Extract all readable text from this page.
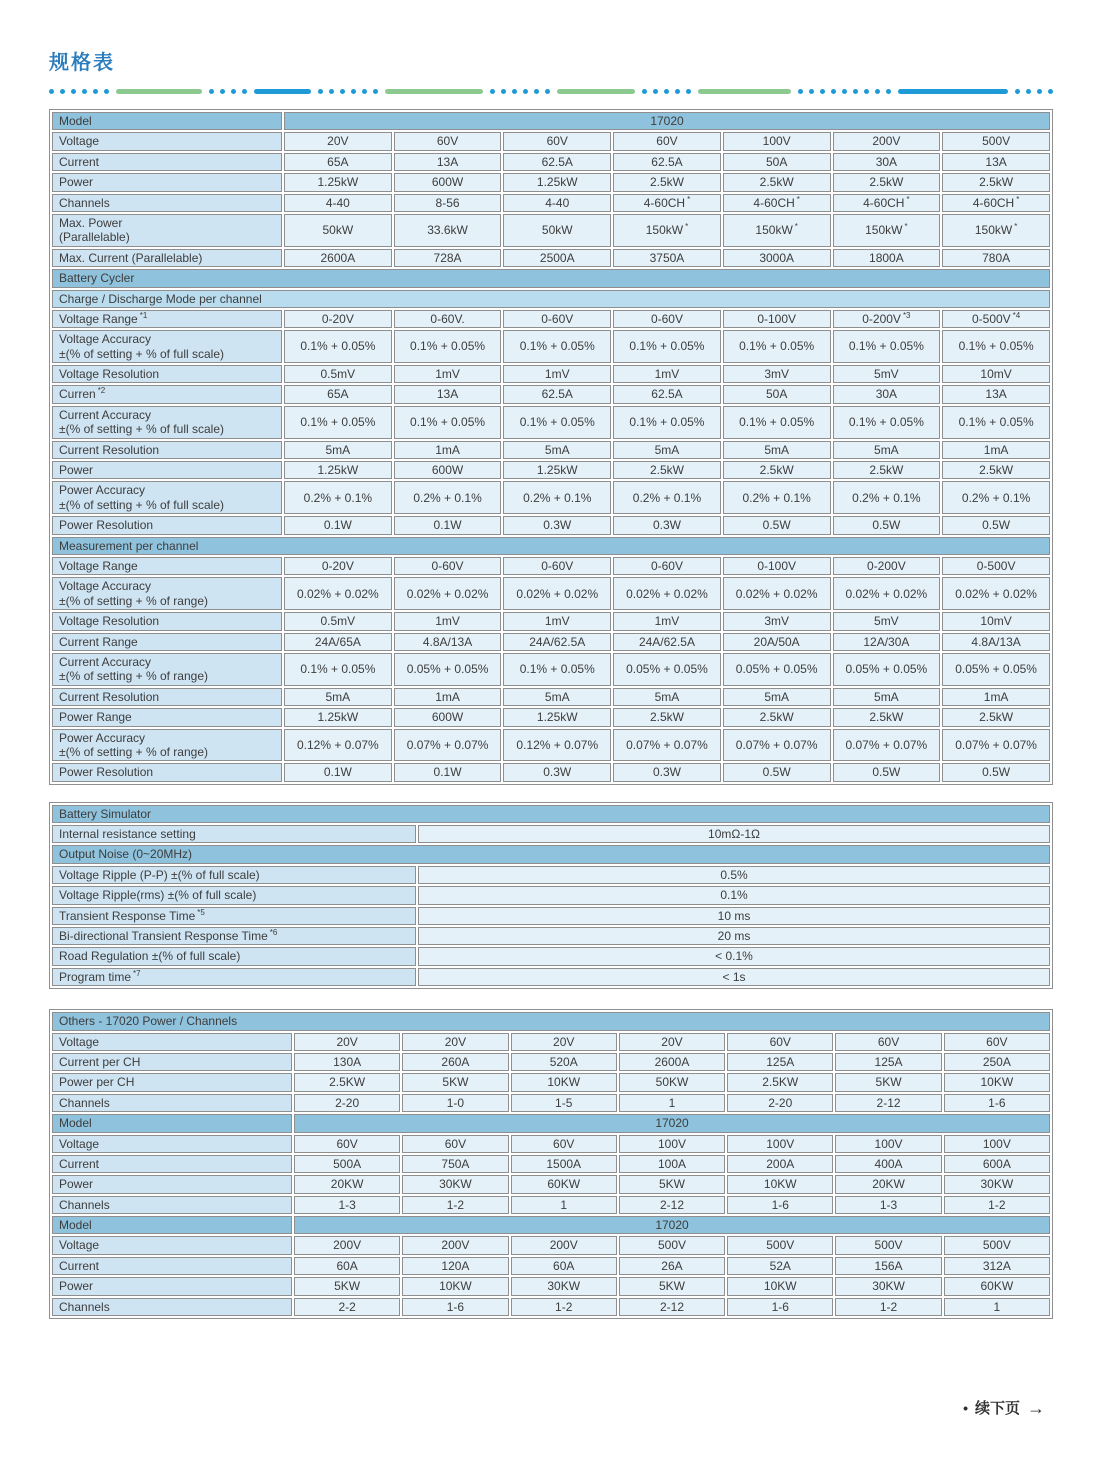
规格表
Model	17020						
Voltage	20V	60V	60V	60V	100V	200V	500V
Current	65A	13A	62.5A	62.5A	50A	30A	13A
Power	1.25kW	600W	1.25kW	2.5kW	2.5kW	2.5kW	2.5kW
Channels	4-40	8-56	4-40	4-60CH *	4-60CH *	4-60CH *	4-60CH *
Max. Power
(Parallelable)	50kW	33.6kW	50kW	150kW *	150kW *	150kW *	150kW *
Max. Current (Parallelable)	2600A	728A	2500A	3750A	3000A	1800A	780A
Battery Cycler							
Charge / Discharge Mode per channel							
Voltage Range $^{*1}$	0-20V	0-60V.	0-60V	0-60V	0-100V	0-200V $^{*3}$	0-500V $^{*4}$
Voltage Accuracy
±(% of setting + % of full scale)	0.1% + 0.05%	0.1% + 0.05%	0.1% + 0.05%	0.1% + 0.05%	0.1% + 0.05%	0.1% + 0.05%	0.1% + 0.05%
Voltage Resolution	0.5mV	1mV	1mV	1mV	3mV	5mV	10mV
Curren $^{*2}$	65A	13A	62.5A	62.5A	50A	30A	13A
Current Accuracy
±(% of setting + % of full scale)	0.1% + 0.05%	0.1% + 0.05%	0.1% + 0.05%	0.1% + 0.05%	0.1% + 0.05%	0.1% + 0.05%	0.1% + 0.05%
Current Resolution	5mA	1mA	5mA	5mA	5mA	5mA	1mA
Power	1.25kW	600W	1.25kW	2.5kW	2.5kW	2.5kW	2.5kW
Power Accuracy
±(% of setting + % of full scale)	0.2% + 0.1%	0.2% + 0.1%	0.2% + 0.1%	0.2% + 0.1%	0.2% + 0.1%	0.2% + 0.1%	0.2% + 0.1%
Power Resolution	0.1W	0.1W	0.3W	0.3W	0.5W	0.5W	0.5W
Measurement per channel							
Voltage Range	0-20V	0-60V	0-60V	0-60V	0-100V	0-200V	0-500V
Voltage Accuracy
±(% of setting + % of range)	0.02% + 0.02%	0.02% + 0.02%	0.02% + 0.02%	0.02% + 0.02%	0.02% + 0.02%	0.02% + 0.02%	0.02% + 0.02%
Voltage Resolution	0.5mV	1mV	1mV	1mV	3mV	5mV	10mV
Current Range	24A/65A	4.8A/13A	24A/62.5A	24A/62.5A	20A/50A	12A/30A	4.8A/13A
Current Accuracy
±(% of setting + % of range)	0.1% + 0.05%	0.05% + 0.05%	0.1% + 0.05%	0.05% + 0.05%	0.05% + 0.05%	0.05% + 0.05%	0.05% + 0.05%
Current Resolution	5mA	1mA	5mA	5mA	5mA	5mA	1mA
Power Range	1.25kW	600W	1.25kW	2.5kW	2.5kW	2.5kW	2.5kW
Power Accuracy
±(% of setting + % of range)	0.12% + 0.07%	0.07% + 0.07%	0.12% + 0.07%	0.07% + 0.07%	0.07% + 0.07%	0.07% + 0.07%	0.07% + 0.07%
Power Resolution	0.1W	0.1W	0.3W	0.3W	0.5W	0.5W	0.5W
Battery Simulator	
Internal resistance setting	10mΩ-1Ω
Output Noise (0~20MHz)	
Voltage Ripple (P-P) ±(% of full scale)	0.5%
Voltage Ripple(rms) ±(% of full scale)	0.1%
Transient Response Time $^{*5}$	10 ms
Bi-directional Transient Response Time $^{*6}$	20 ms
Road Regulation ±(% of full scale)	< 0.1%
Program time $^{*7}$	< 1s
Others - 17020 Power / Channels							
Voltage	20V	20V	20V	20V	60V	60V	60V
Current per CH	130A	260A	520A	2600A	125A	125A	250A
Power per CH	2.5KW	5KW	10KW	50KW	2.5KW	5KW	10KW
Channels	2-20	1-0	1-5	1	2-20	2-12	1-6
Model	17020						
Voltage	60V	60V	60V	100V	100V	100V	100V
Current	500A	750A	1500A	100A	200A	400A	600A
Power	20KW	30KW	60KW	5KW	10KW	20KW	30KW
Channels	1-3	1-2	1	2-12	1-6	1-3	1-2
Model	17020						
Voltage	200V	200V	200V	500V	500V	500V	500V
Current	60A	120A	60A	26A	52A	156A	312A
Power	5KW	10KW	30KW	5KW	10KW	30KW	60KW
Channels	2-2	1-6	1-2	2-12	1-6	1-2	1
• 续下页 →
